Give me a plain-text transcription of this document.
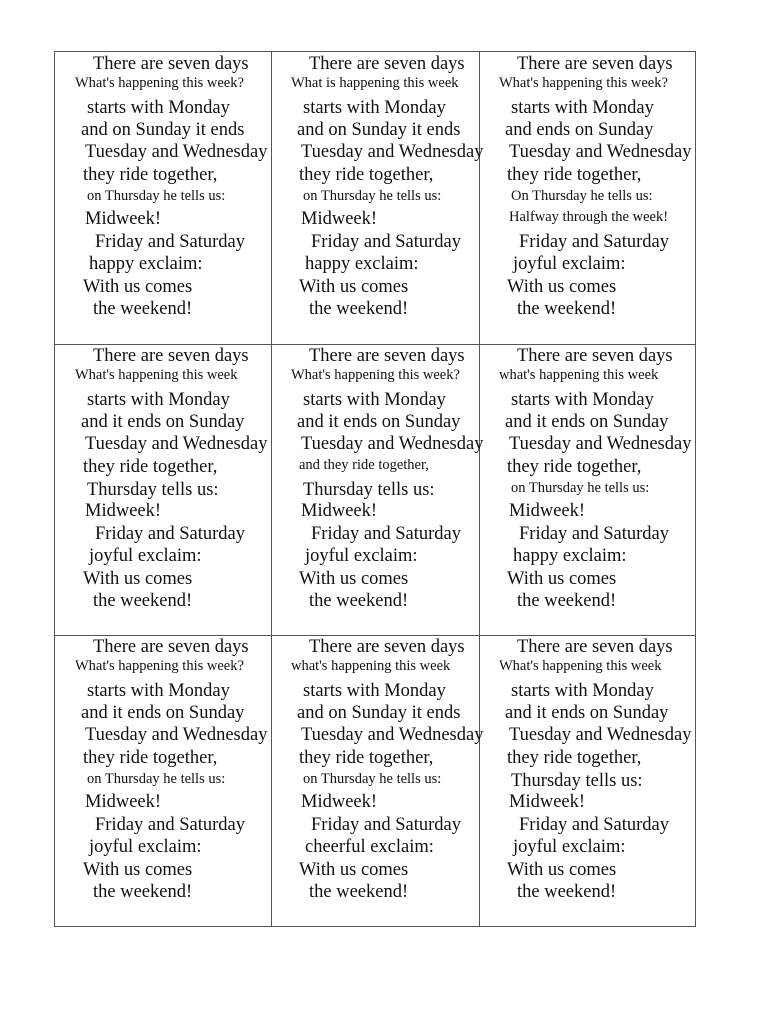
There are seven days
What's happening this week?
starts with Monday
and on Sunday it ends
Tuesday and Wednesday
they ride together,
on Thursday he tells us:
Midweek!
Friday and Saturday
happy exclaim:
With us comes
the weekend!
There are seven days
What is happening this week
starts with Monday
and on Sunday it ends
Tuesday and Wednesday
they ride together,
on Thursday he tells us:
Midweek!
Friday and Saturday
happy exclaim:
With us comes
the weekend!
There are seven days
What's happening this week?
starts with Monday
and ends on Sunday
Tuesday and Wednesday
they ride together,
On Thursday he tells us:
Halfway through the week!
Friday and Saturday
joyful exclaim:
With us comes
the weekend!
There are seven days
What's happening this week
starts with Monday
and it ends on Sunday
Tuesday and Wednesday
they ride together,
Thursday tells us:
Midweek!
Friday and Saturday
joyful exclaim:
With us comes
the weekend!
There are seven days
What's happening this week?
starts with Monday
and it ends on Sunday
Tuesday and Wednesday
and they ride together,
Thursday tells us:
Midweek!
Friday and Saturday
joyful exclaim:
With us comes
the weekend!
There are seven days
what's happening this week
starts with Monday
and it ends on Sunday
Tuesday and Wednesday
they ride together,
on Thursday he tells us:
Midweek!
Friday and Saturday
happy exclaim:
With us comes
the weekend!
There are seven days
What's happening this week?
starts with Monday
and it ends on Sunday
Tuesday and Wednesday
they ride together,
on Thursday he tells us:
Midweek!
Friday and Saturday
joyful exclaim:
With us comes
the weekend!
There are seven days
what's happening this week
starts with Monday
and on Sunday it ends
Tuesday and Wednesday
they ride together,
on Thursday he tells us:
Midweek!
Friday and Saturday
cheerful exclaim:
With us comes
the weekend!
There are seven days
What's happening this week
starts with Monday
and it ends on Sunday
Tuesday and Wednesday
they ride together,
Thursday tells us:
Midweek!
Friday and Saturday
joyful exclaim:
With us comes
the weekend!
